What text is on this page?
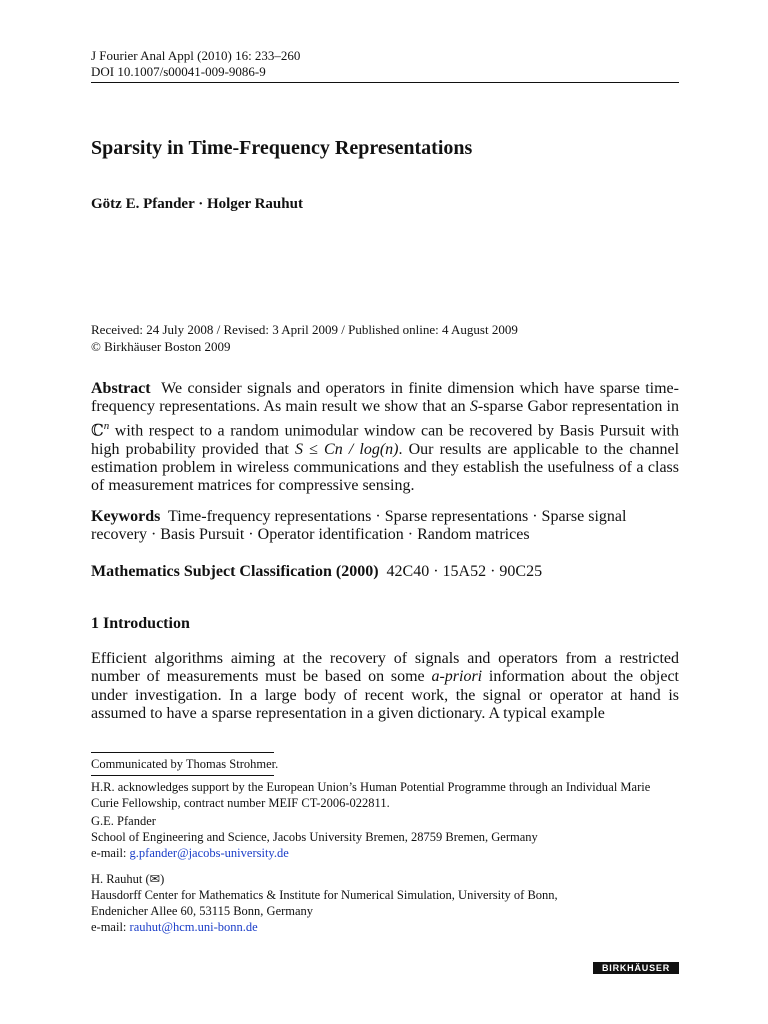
J Fourier Anal Appl (2010) 16: 233–260
DOI 10.1007/s00041-009-9086-9
Sparsity in Time-Frequency Representations
Götz E. Pfander · Holger Rauhut
Received: 24 July 2008 / Revised: 3 April 2009 / Published online: 4 August 2009
© Birkhäuser Boston 2009
Abstract We consider signals and operators in finite dimension which have sparse time-frequency representations. As main result we show that an S-sparse Gabor representation in ℂ$^n$ with respect to a random unimodular window can be recovered by Basis Pursuit with high probability provided that S ≤ Cn / log(n). Our results are applicable to the channel estimation problem in wireless communications and they establish the usefulness of a class of measurement matrices for compressive sensing.
Keywords Time-frequency representations · Sparse representations · Sparse signal recovery · Basis Pursuit · Operator identification · Random matrices
Mathematics Subject Classification (2000) 42C40 · 15A52 · 90C25
1 Introduction
Efficient algorithms aiming at the recovery of signals and operators from a restricted number of measurements must be based on some a-priori information about the object under investigation. In a large body of recent work, the signal or operator at hand is assumed to have a sparse representation in a given dictionary. A typical example
Communicated by Thomas Strohmer.
H.R. acknowledges support by the European Union’s Human Potential Programme through an Individual Marie Curie Fellowship, contract number MEIF CT-2006-022811.
G.E. Pfander
School of Engineering and Science, Jacobs University Bremen, 28759 Bremen, Germany
e-mail: g.pfander@jacobs-university.de
H. Rauhut (✉)
Hausdorff Center for Mathematics & Institute for Numerical Simulation, University of Bonn,
Endenicher Allee 60, 53115 Bonn, Germany
e-mail: rauhut@hcm.uni-bonn.de
BIRKHÄUSER
